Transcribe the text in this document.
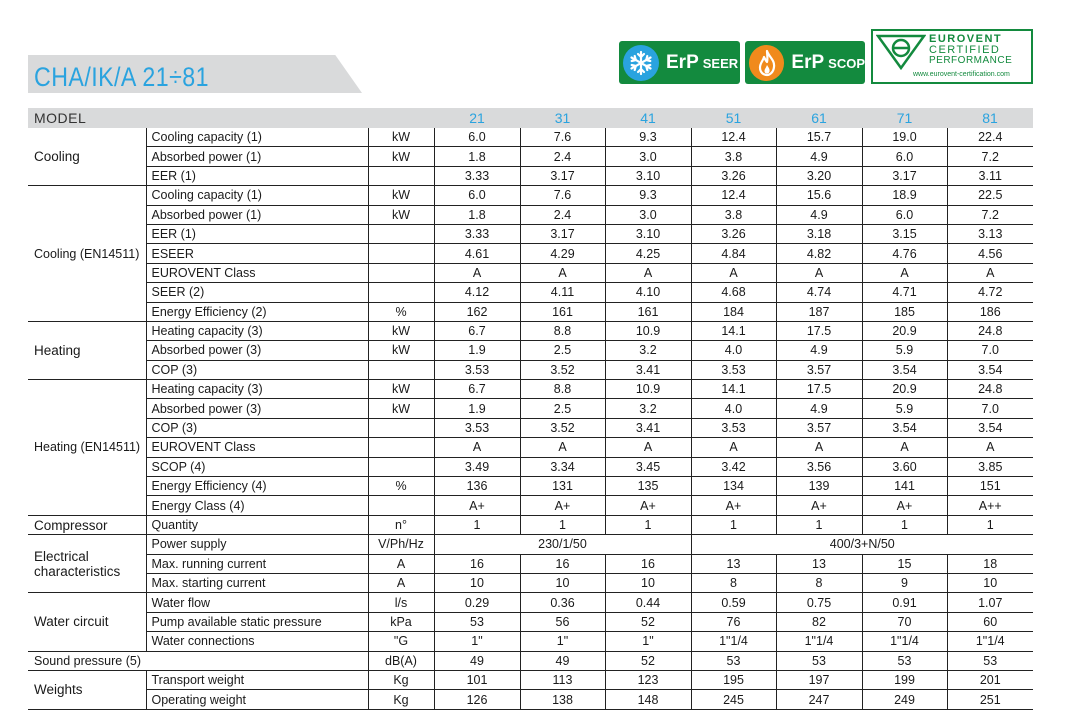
CHA/IK/A 21÷81	ErP SEER	ErP SCOP
EUROVENT
CERTIFIED
PERFORMANCE
www.eurovent-certification.com
MODEL			21	31	41	51	61	71	81
Cooling	Cooling capacity (1)	kW	6.0	7.6	9.3	12.4	15.7	19.0	22.4
	Absorbed power (1)	kW	1.8	2.4	3.0	3.8	4.9	6.0	7.2
	EER (1)		3.33	3.17	3.10	3.26	3.20	3.17	3.11
Cooling (EN14511)	Cooling capacity (1)	kW	6.0	7.6	9.3	12.4	15.6	18.9	22.5
	Absorbed power (1)	kW	1.8	2.4	3.0	3.8	4.9	6.0	7.2
	EER (1)		3.33	3.17	3.10	3.26	3.18	3.15	3.13
	ESEER		4.61	4.29	4.25	4.84	4.82	4.76	4.56
	EUROVENT Class		A	A	A	A	A	A	A
	SEER (2)		4.12	4.11	4.10	4.68	4.74	4.71	4.72
	Energy Efficiency (2)	%	162	161	161	184	187	185	186
Heating	Heating capacity (3)	kW	6.7	8.8	10.9	14.1	17.5	20.9	24.8
	Absorbed power (3)	kW	1.9	2.5	3.2	4.0	4.9	5.9	7.0
	COP (3)		3.53	3.52	3.41	3.53	3.57	3.54	3.54
Heating (EN14511)	Heating capacity (3)	kW	6.7	8.8	10.9	14.1	17.5	20.9	24.8
	Absorbed power (3)	kW	1.9	2.5	3.2	4.0	4.9	5.9	7.0
	COP (3)		3.53	3.52	3.41	3.53	3.57	3.54	3.54
	EUROVENT Class		A	A	A	A	A	A	A
	SCOP (4)		3.49	3.34	3.45	3.42	3.56	3.60	3.85
	Energy Efficiency (4)	%	136	131	135	134	139	141	151
	Energy Class (4)		A+	A+	A+	A+	A+	A+	A++
Compressor	Quantity	n°	1	1	1	1	1	1	1

Electrical
characteristics	Power supply	V/Ph/Hz	230/1/50			400/3+N/50			
	Max. running current	A	16	16	16	13	13	15	18
	Max. starting current	A	10	10	10	8	8	9	10
Water circuit	Water flow	l/s	0.29	0.36	0.44	0.59	0.75	0.91	1.07
	Pump available static pressure	kPa	53	56	52	76	82	70	60
	Water connections	"G	1"	1"	1"	1"1/4	1"1/4	1"1/4	1"1/4
Sound pressure (5)		dB(A)	49	49	52	53	53	53	53
Weights	Transport weight	Kg	101	113	123	195	197	199	201
	Operating weight	Kg	126	138	148	245	247	249	251
